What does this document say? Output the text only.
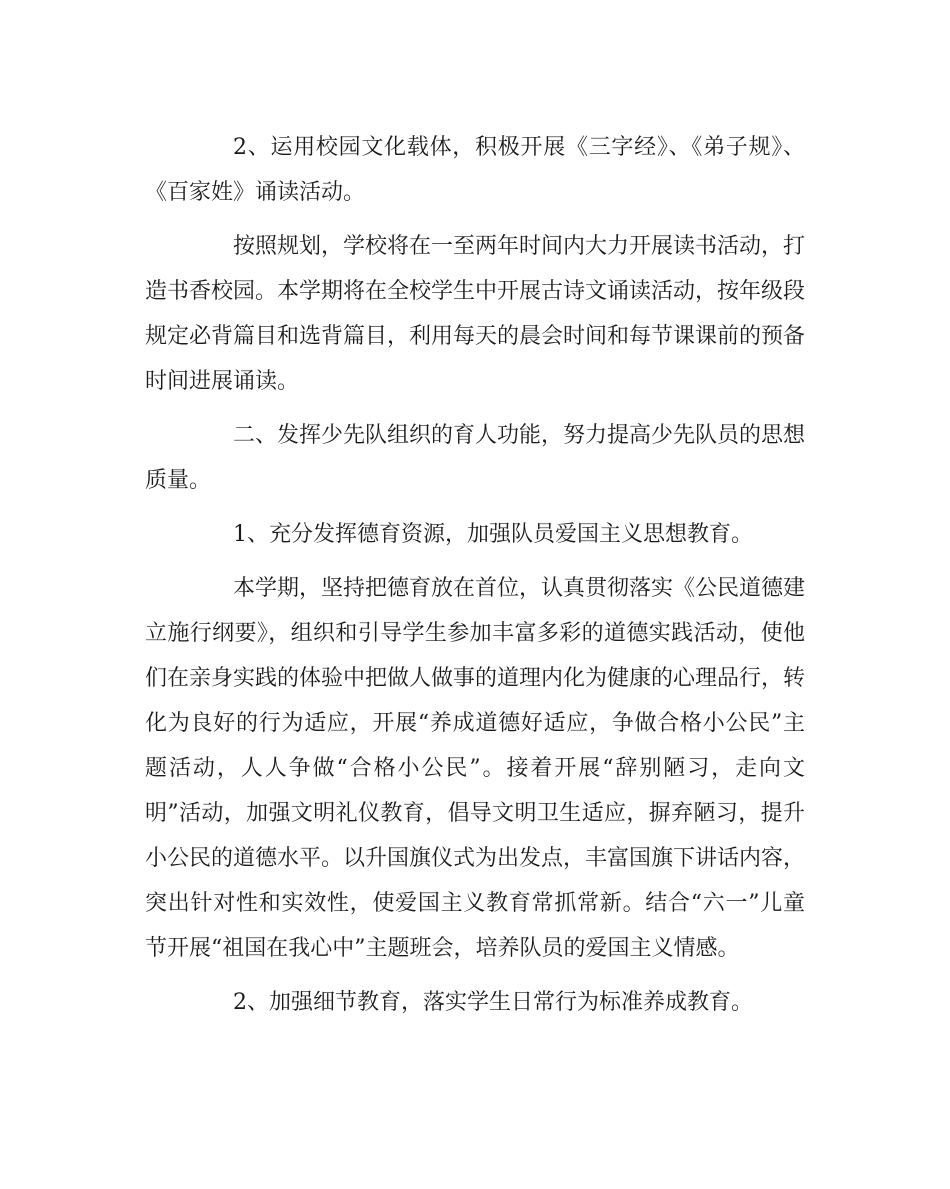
2、运用校园文化载体，积极开展《三字经》、《弟子规》、《百家姓》诵读活动。

按照规划，学校将在一至两年时间内大力开展读书活动，打造书香校园。本学期将在全校学生中开展古诗文诵读活动，按年级段规定必背篇目和选背篇目，利用每天的晨会时间和每节课课前的预备时间进展诵读。

二、发挥少先队组织的育人功能，努力提高少先队员的思想质量。

1、充分发挥德育资源，加强队员爱国主义思想教育。

本学期，坚持把德育放在首位，认真贯彻落实《公民道德建立施行纲要》，组织和引导学生参加丰富多彩的道德实践活动，使他们在亲身实践的体验中把做人做事的道理内化为健康的心理品行，转化为良好的行为适应，开展“养成道德好适应，争做合格小公民”主题活动，人人争做“合格小公民”。接着开展“辞别陋习，走向文明”活动，加强文明礼仪教育，倡导文明卫生适应，摒弃陋习，提升小公民的道德水平。以升国旗仪式为出发点，丰富国旗下讲话内容，突出针对性和实效性，使爱国主义教育常抓常新。结合“六一”儿童节开展“祖国在我心中”主题班会，培养队员的爱国主义情感。

2、加强细节教育，落实学生日常行为标准养成教育。
